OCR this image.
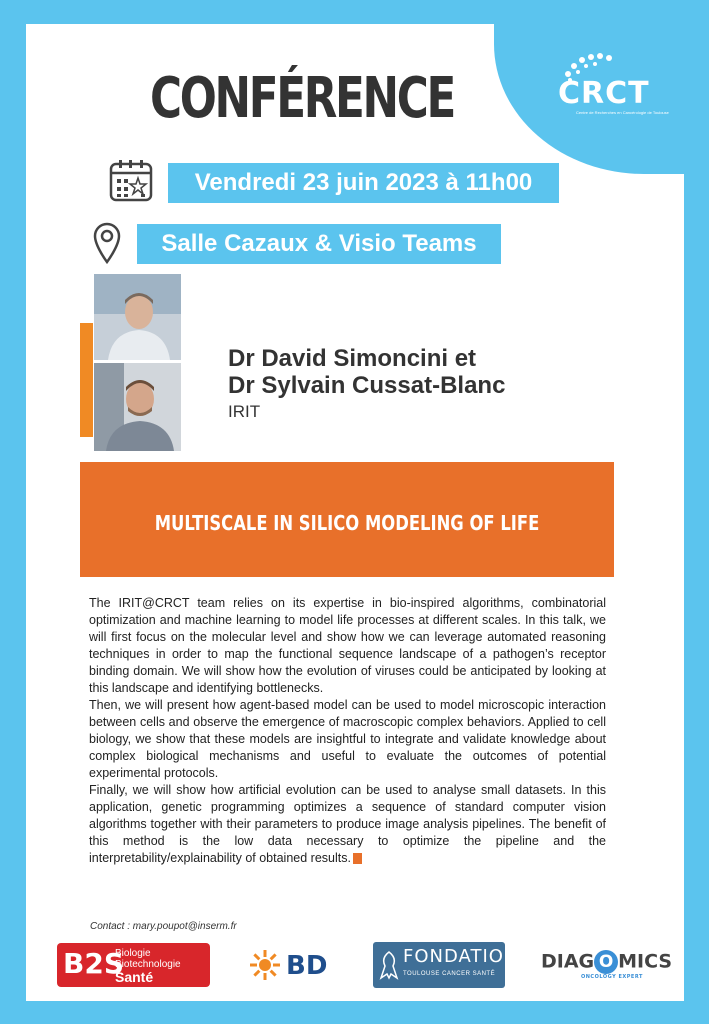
CRCT
Centre de Recherches en Cancérologie de Toulouse
CONFÉRENCE
Vendredi 23 juin 2023 à 11h00
Salle Cazaux & Visio Teams
Dr David Simoncini et
Dr Sylvain Cussat-Blanc
IRIT
MULTISCALE IN SILICO MODELING OF LIFE

The IRIT@CRCT team relies on its expertise in bio-inspired algorithms, combinatorial optimization and machine learning to model life processes at different scales. In this talk, we will first focus on the molecular level and show how we can leverage automated reasoning techniques in order to map the functional sequence landscape of a pathogen’s receptor binding domain. We will show how the evolution of viruses could be anticipated by looking at this landscape and identifying bottlenecks.

Then, we will present how agent-based model can be used to model microscopic interaction between cells and observe the emergence of macroscopic complex behaviors. Applied to cell biology, we show that these models are insightful to integrate and validate knowledge about complex biological mechanisms and useful to evaluate the outcomes of potential experimental protocols.

Finally, we will show how artificial evolution can be used to analyse small datasets. In this application, genetic programming optimizes a sequence of standard computer vision algorithms together with their parameters to produce image analysis pipelines. The benefit of this method is the low data necessary to optimize the pipeline and the interpretability/explainability of obtained results.

Contact : mary.poupot@inserm.fr
B2S
Biologie
Biotechnologie
Santé	BD	FONDATION
TOULOUSE CANCER SANTÉ
DIAG O MICS
ONCOLOGY EXPERT
